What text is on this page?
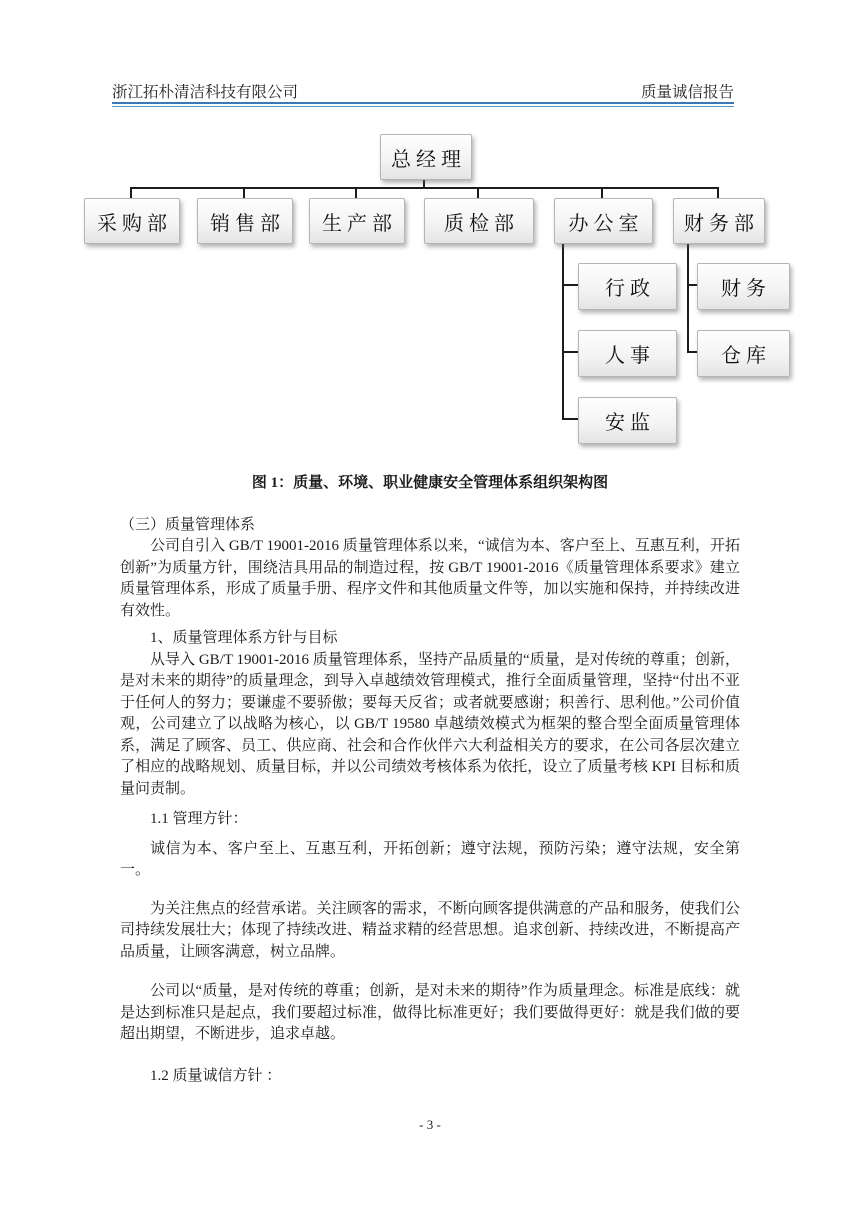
浙江拓朴清洁科技有限公司	质量诚信报告
总经理
采购部	销售部	生产部	质检部	办公室	财务部
行政
人事
安监
财务
仓库
图 1：质量、环境、职业健康安全管理体系组织架构图

（三）质量管理体系

公司自引入 GB/T 19001-2016 质量管理体系以来，“诚信为本、客户至上、互惠互利，开拓创新”为质量方针，围绕洁具用品的制造过程，按 GB/T 19001-2016《质量管理体系要求》建立质量管理体系，形成了质量手册、程序文件和其他质量文件等，加以实施和保持，并持续改进有效性。

1、质量管理体系方针与目标

从导入 GB/T 19001-2016 质量管理体系，坚持产品质量的“质量，是对传统的尊重；创新，是对未来的期待”的质量理念，到导入卓越绩效管理模式，推行全面质量管理，坚持“付出不亚于任何人的努力；要谦虚不要骄傲；要每天反省；或者就要感谢；积善行、思利他。”公司价值观，公司建立了以战略为核心，以 GB/T 19580 卓越绩效模式为框架的整合型全面质量管理体系，满足了顾客、员工、供应商、社会和合作伙伴六大利益相关方的要求，在公司各层次建立了相应的战略规划、质量目标，并以公司绩效考核体系为依托，设立了质量考核 KPI 目标和质量问责制。

1.1 管理方针：

诚信为本、客户至上、互惠互利，开拓创新；遵守法规，预防污染；遵守法规，安全第一。

为关注焦点的经营承诺。关注顾客的需求，不断向顾客提供满意的产品和服务，使我们公司持续发展壮大；体现了持续改进、精益求精的经营思想。追求创新、持续改进，不断提高产品质量，让顾客满意，树立品牌。

公司以“质量，是对传统的尊重；创新，是对未来的期待”作为质量理念。标准是底线：就是达到标准只是起点，我们要超过标准，做得比标准更好；我们要做得更好：就是我们做的要超出期望，不断进步，追求卓越。

1.2 质量诚信方针 ：

- 3 -
